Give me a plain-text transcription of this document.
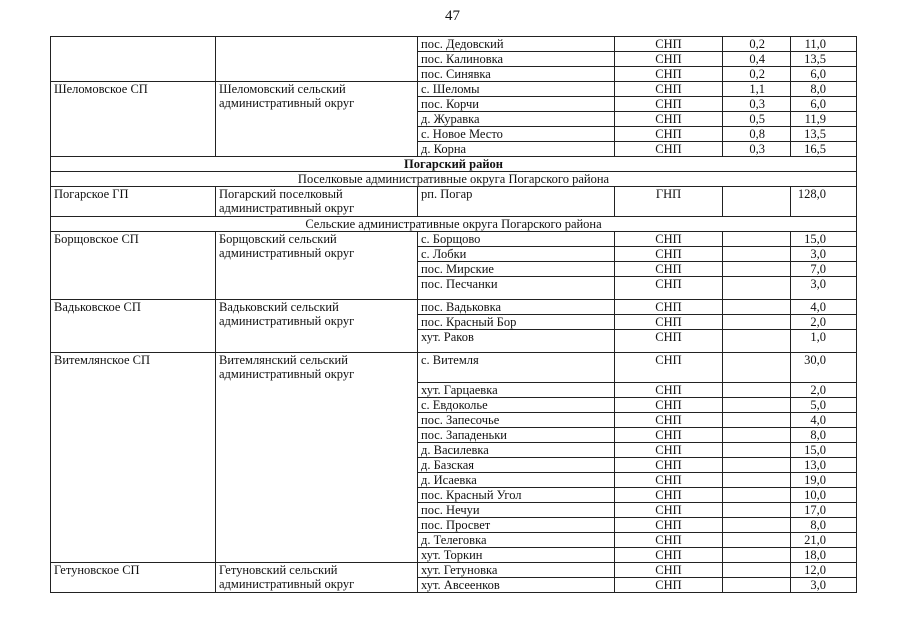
47
		пос. Дедовский	СНП	0,2	11,0
		пос. Калиновка	СНП	0,4	13,5
		пос. Синявка	СНП	0,2	6,0
Шеломовское СП	Шеломовский сельский административный округ	с. Шеломы	СНП	1,1	8,0
		пос. Корчи	СНП	0,3	6,0
		д. Журавка	СНП	0,5	11,9
		с. Новое Место	СНП	0,8	13,5
		д. Корна	СНП	0,3	16,5
Погарский район					
Поселковые административные округа Погарского района					
Погарское ГП	Погарский поселковый административный округ	рп. Погар	ГНП		128,0
Сельские административные округа Погарского района					
Борщовское СП	Борщовский сельский административный округ	с. Борщово	СНП		15,0
		с. Лобки	СНП		3,0
		пос. Мирские	СНП		7,0
		пос. Песчанки	СНП		3,0
Вадьковское СП	Вадьковский сельский административный округ	пос. Вадьковка	СНП		4,0
		пос. Красный Бор	СНП		2,0
		хут. Раков	СНП		1,0
Витемлянское СП	Витемлянский сельский административный округ	с. Витемля	СНП		30,0
		хут. Гарцаевка	СНП		2,0
		с. Евдоколье	СНП		5,0
		пос. Запесочье	СНП		4,0
		пос. Западеньки	СНП		8,0
		д. Василевка	СНП		15,0
		д. Базская	СНП		13,0
		д. Исаевка	СНП		19,0
		пос. Красный Угол	СНП		10,0
		пос. Нечуи	СНП		17,0
		пос. Просвет	СНП		8,0
		д. Телеговка	СНП		21,0
		хут. Торкин	СНП		18,0
Гетуновское СП	Гетуновский сельский административный округ	хут. Гетуновка	СНП		12,0
		хут. Авсеенков	СНП		3,0
